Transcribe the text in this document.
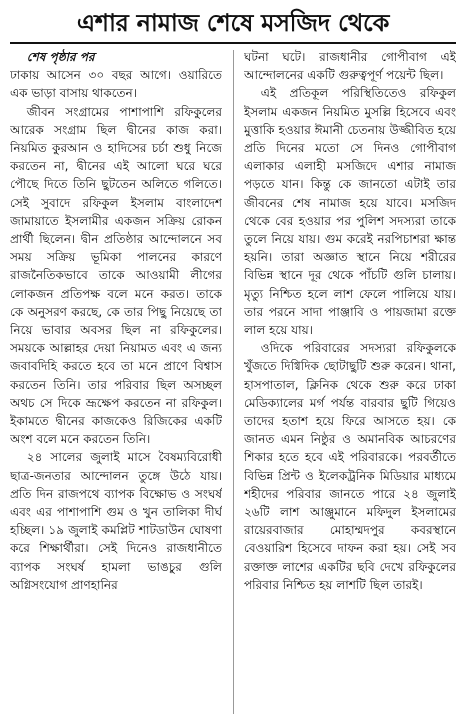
এশার নামাজ শেষে মসজিদ থেকে

শেষ পৃষ্ঠার পর

ঢাকায় আসেন ৩০ বছর আগে। ওয়ারিতে এক ভাড়া বাসায় থাকতেন।

জীবন সংগ্রামের পাশাপাশি রফিকুলের আরেক সংগ্রাম ছিল দ্বীনের কাজ করা। নিয়মিত কুরআন ও হাদিসের চর্চা শুধু নিজে করতেন না, দ্বীনের এই আলো ঘরে ঘরে পৌছে দিতে তিনি ছুটতেন অলিতে গলিতে। সেই সুবাদে রফিকুল ইসলাম বাংলাদেশ জামায়াতে ইসলামীর একজন সক্রিয় রোকন প্রার্থী ছিলেন। দ্বীন প্রতিষ্ঠার আন্দোলনে সব সময় সক্রিয় ভূমিকা পালনের কারণে রাজনৈতিকভাবে তাকে আওয়ামী লীগের লোকজন প্রতিপক্ষ বলে মনে করত। তাকে কে অনুসরণ করছে, কে তার পিছু নিয়েছে তা নিয়ে ভাবার অবসর ছিল না রফিকুলের। সময়কে আল্লাহর দেয়া নিয়ামত এবং এ জন্য জবাবদিহি করতে হবে তা মনে প্রাণে বিশ্বাস করতেন তিনি। তার পরিবার ছিল অসচ্ছল অথচ সে দিকে ভ্রূক্ষেপ করতেন না রফিকুল। ইকামতে দ্বীনের কাজকেও রিজিকের একটি অংশ বলে মনে করতেন তিনি।

২৪ সালের জুলাই মাসে বৈষম্যবিরোধী ছাত্র-জনতার আন্দোলন তুঙ্গে উঠে যায়। প্রতি দিন রাজপথে ব্যাপক বিক্ষোভ ও সংঘর্ষ এবং এর পাশাপাশি গুম ও খুন তালিকা দীর্ঘ হচ্ছিল। ১৯ জুলাই কমপ্লিট শাটডাউন ঘোষণা করে শিক্ষার্থীরা। সেই দিনেও রাজধানীতে ব্যাপক সংঘর্ষ হামলা ভাঙচুর গুলি অগ্নিসংযোগ প্রাণহানির

ঘটনা ঘটে। রাজধানীর গোপীবাগ এই আন্দোলনের একটি গুরুত্বপূর্ণ পয়েন্ট ছিল।

এই প্রতিকূল পরিস্থিতিতেও রফিকুল ইসলাম একজন নিয়মিত মুসল্লি হিসেবে এবং মুত্তাকি হওয়ার ঈমানী চেতনায় উজ্জীবিত হয়ে প্রতি দিনের মতো সে দিনও গোপীবাগ এলাকার এলাহী মসজিদে এশার নামাজ পড়তে যান। কিন্তু কে জানতো এটাই তার জীবনের শেষ নামাজ হয়ে যাবে। মসজিদ থেকে বের হওয়ার পর পুলিশ সদস্যরা তাকে তুলে নিয়ে যায়। গুম করেই নরপিচাশরা ক্ষান্ত হয়নি। তারা অজ্ঞাত স্থানে নিয়ে শরীরের বিভিন্ন স্থানে দূর থেকে পাঁচটি গুলি চালায়। মৃত্যু নিশ্চিত হলে লাশ ফেলে পালিয়ে যায়। তার পরনে সাদা পাঞ্জাবি ও পায়জামা রক্তে লাল হয়ে যায়।

ওদিকে পরিবারের সদস্যরা রফিকুলকে খুঁজতে দিগ্বিদিক ছোটাছুটি শুরু করেন। থানা, হাসপাতাল, ক্লিনিক থেকে শুরু করে ঢাকা মেডিক্যালের মর্গ পর্যন্ত বারবার ছুটি গিয়েও তাদের হতাশ হয়ে ফিরে আসতে হয়। কে জানত এমন নিষ্ঠুর ও অমানবিক আচরণের শিকার হতে হবে এই পরিবারকে। পরবর্তীতে বিভিন্ন প্রিন্ট ও ইলেকট্রনিক মিডিয়ার মাধ্যমে শহীদের পরিবার জানতে পারে ২৪ জুলাই ২৬টি লাশ আঞ্জুমানে মফিদুল ইসলামের রায়েরবাজার মোহাম্মদপুর কবরস্থানে বেওয়ারিশ হিসেবে দাফন করা হয়। সেই সব রক্তাক্ত লাশের একটির ছবি দেখে রফিকুলের পরিবার নিশ্চিত হয় লাশটি ছিল তারই।
